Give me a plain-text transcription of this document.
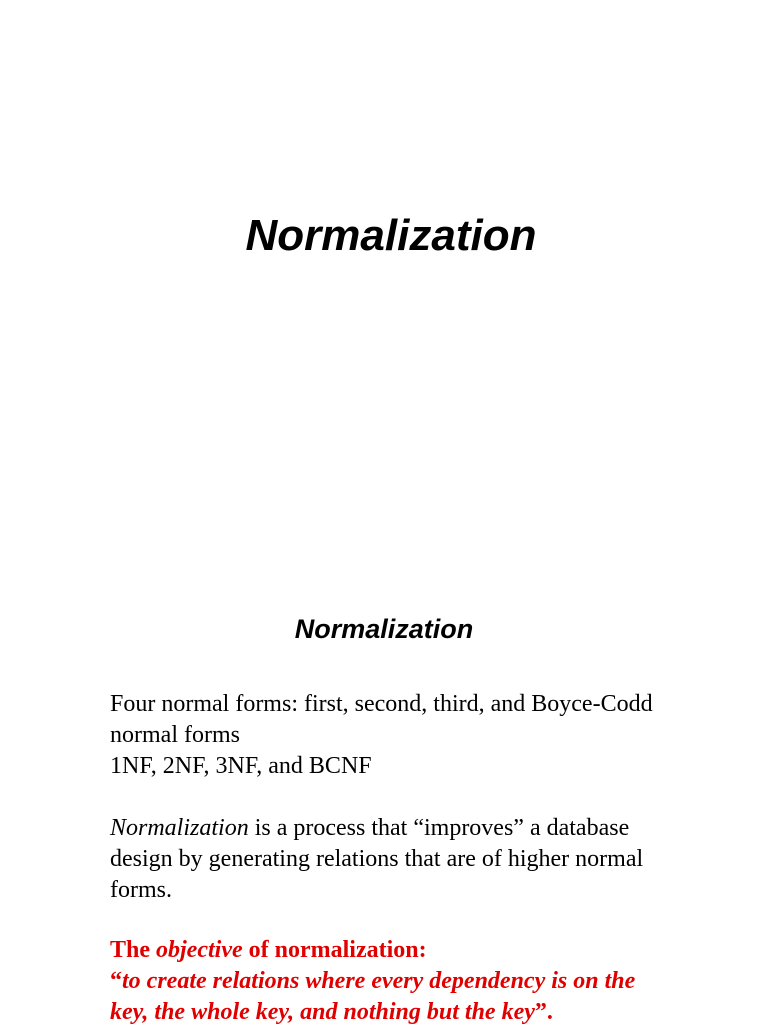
Normalization
Normalization

Four normal forms: first, second, third, and Boyce-Codd
normal forms
1NF, 2NF, 3NF, and BCNF

Normalization is a process that “improves” a database
design by generating relations that are of higher normal
forms.

The objective of normalization:
“to create relations where every dependency is on the
key, the whole key, and nothing but the key”.
